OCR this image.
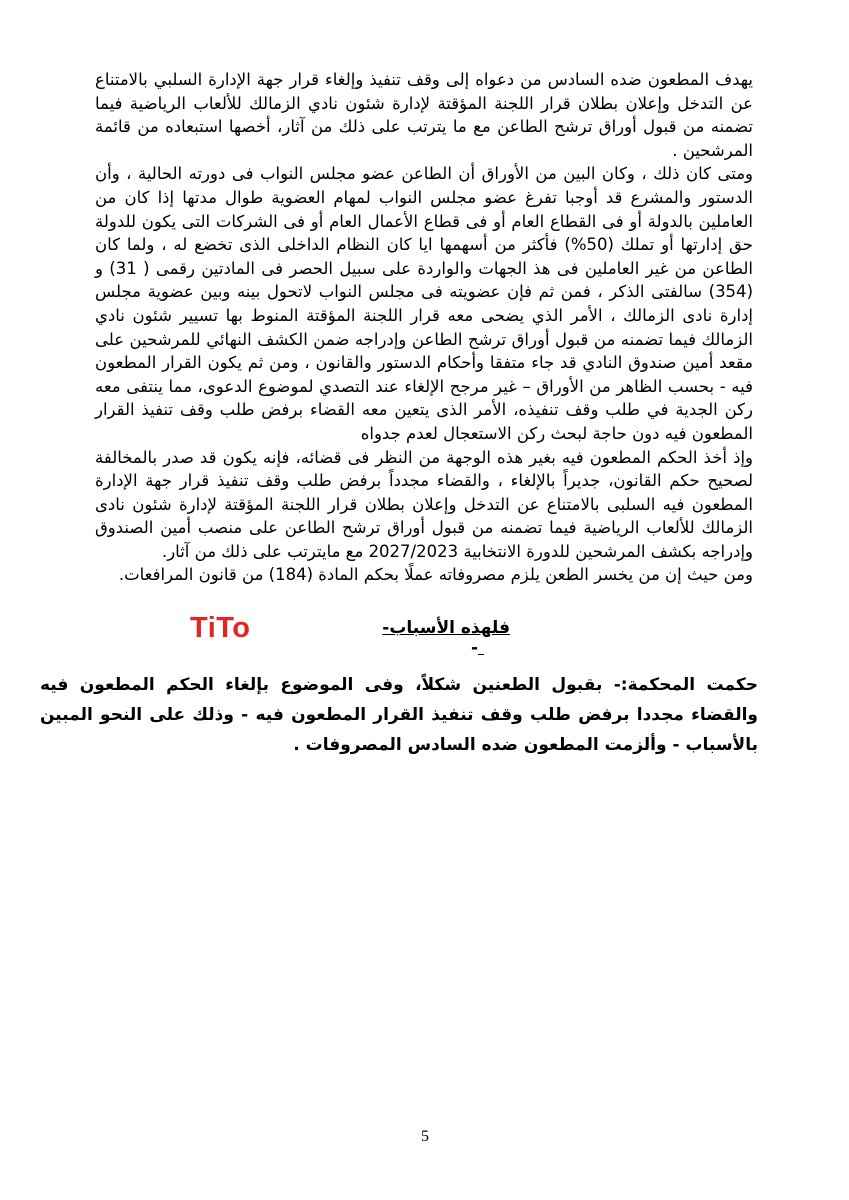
يهدف المطعون ضده السادس من دعواه إلى وقف تنفيذ وإلغاء قرار جهة الإدارة السلبي بالامتناع عن التدخل وإعلان بطلان قرار اللجنة المؤقتة لإدارة شئون نادي الزمالك للألعاب الرياضية فيما تضمنه من قبول أوراق ترشح الطاعن مع ما يترتب على ذلك من آثار، أخصها استبعاده من قائمة المرشحين .

ومتى كان ذلك ، وكان البين من الأوراق أن الطاعن عضو مجلس النواب فى دورته الحالية ، وأن الدستور والمشرع قد أوجبا تفرغ عضو مجلس النواب لمهام العضوية طوال مدتها إذا كان من العاملين بالدولة أو فى القطاع العام أو فى قطاع الأعمال العام أو فى الشركات التى يكون للدولة حق إدارتها أو تملك (50%) فأكثر من أسهمها ايا كان النظام الداخلى الذى تخضع له ، ولما كان الطاعن من غير العاملين فى هذ الجهات والواردة على سبيل الحصر فى المادتين رقمى ( 31) و (354) سالفتى الذكر ، فمن ثم فإن عضويته فى مجلس النواب لاتحول بينه وبين عضوية مجلس إدارة نادى الزمالك ، الأمر الذي يضحى معه قرار اللجنة المؤقتة المنوط بها تسيير شئون نادي الزمالك فيما تضمنه من قبول أوراق ترشح الطاعن وإدراجه ضمن الكشف النهائي للمرشحين على مقعد أمين صندوق النادي قد جاء متفقا وأحكام الدستور والقانون ، ومن ثم يكون القرار المطعون فيه - بحسب الظاهر من الأوراق – غير مرجح الإلغاء عند التصدي لموضوع الدعوى، مما ينتفى معه ركن الجدية في طلب وقف تنفيذه، الأمر الذى يتعين معه القضاء برفض طلب وقف تنفيذ القرار المطعون فيه دون حاجة لبحث ركن الاستعجال لعدم جدواه

وإذ أخذ الحكم المطعون فيه بغير هذه الوجهة من النظر فى قضائه، فإنه يكون قد صدر بالمخالفة لصحيح حكم القانون، جديراً بالإلغاء ، والقضاء مجدداً برفض طلب وقف تنفيذ قرار جهة الإدارة المطعون فيه السلبى بالامتناع عن التدخل وإعلان بطلان قرار اللجنة المؤقتة لإدارة شئون نادى الزمالك للألعاب الرياضية فيما تضمنه من قبول أوراق ترشح الطاعن على منصب أمين الصندوق وإدراجه بكشف المرشحين للدورة الانتخابية 2027/2023 مع مايترتب على ذلك من آثار.

ومن حيث إن من يخسر الطعن يلزم مصروفاته عملًا بحكم المادة (184) من قانون المرافعات.

TiTo	فلهذه الأسباب-  -
حكمت المحكمة:- بقبول الطعنين شكلاً، وفى الموضوع بإلغاء الحكم المطعون فيه والقضاء مجددا برفض طلب وقف تنفيذ القرار المطعون فيه - وذلك على النحو المبين بالأسباب - وألزمت المطعون ضده السادس المصروفات .
5
